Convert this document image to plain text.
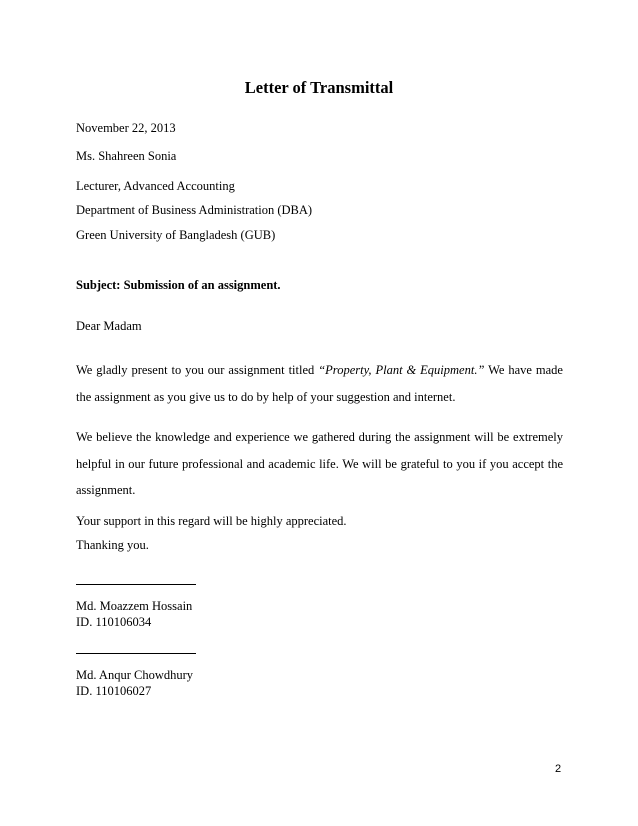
Letter of Transmittal
November 22, 2013
Ms. Shahreen Sonia
Lecturer, Advanced Accounting
Department of Business Administration (DBA)
Green University of Bangladesh (GUB)
Subject: Submission of an assignment.
Dear Madam
We gladly present to you our assignment titled “Property, Plant & Equipment.” We have made the assignment as you give us to do by help of your suggestion and internet.
We believe the knowledge and experience we gathered during the assignment will be extremely helpful in our future professional and academic life. We will be grateful to you if you accept the assignment.
Your support in this regard will be highly appreciated.
Thanking you.
Md. Moazzem Hossain
ID. 110106034
Md. Anqur Chowdhury
ID. 110106027
2
